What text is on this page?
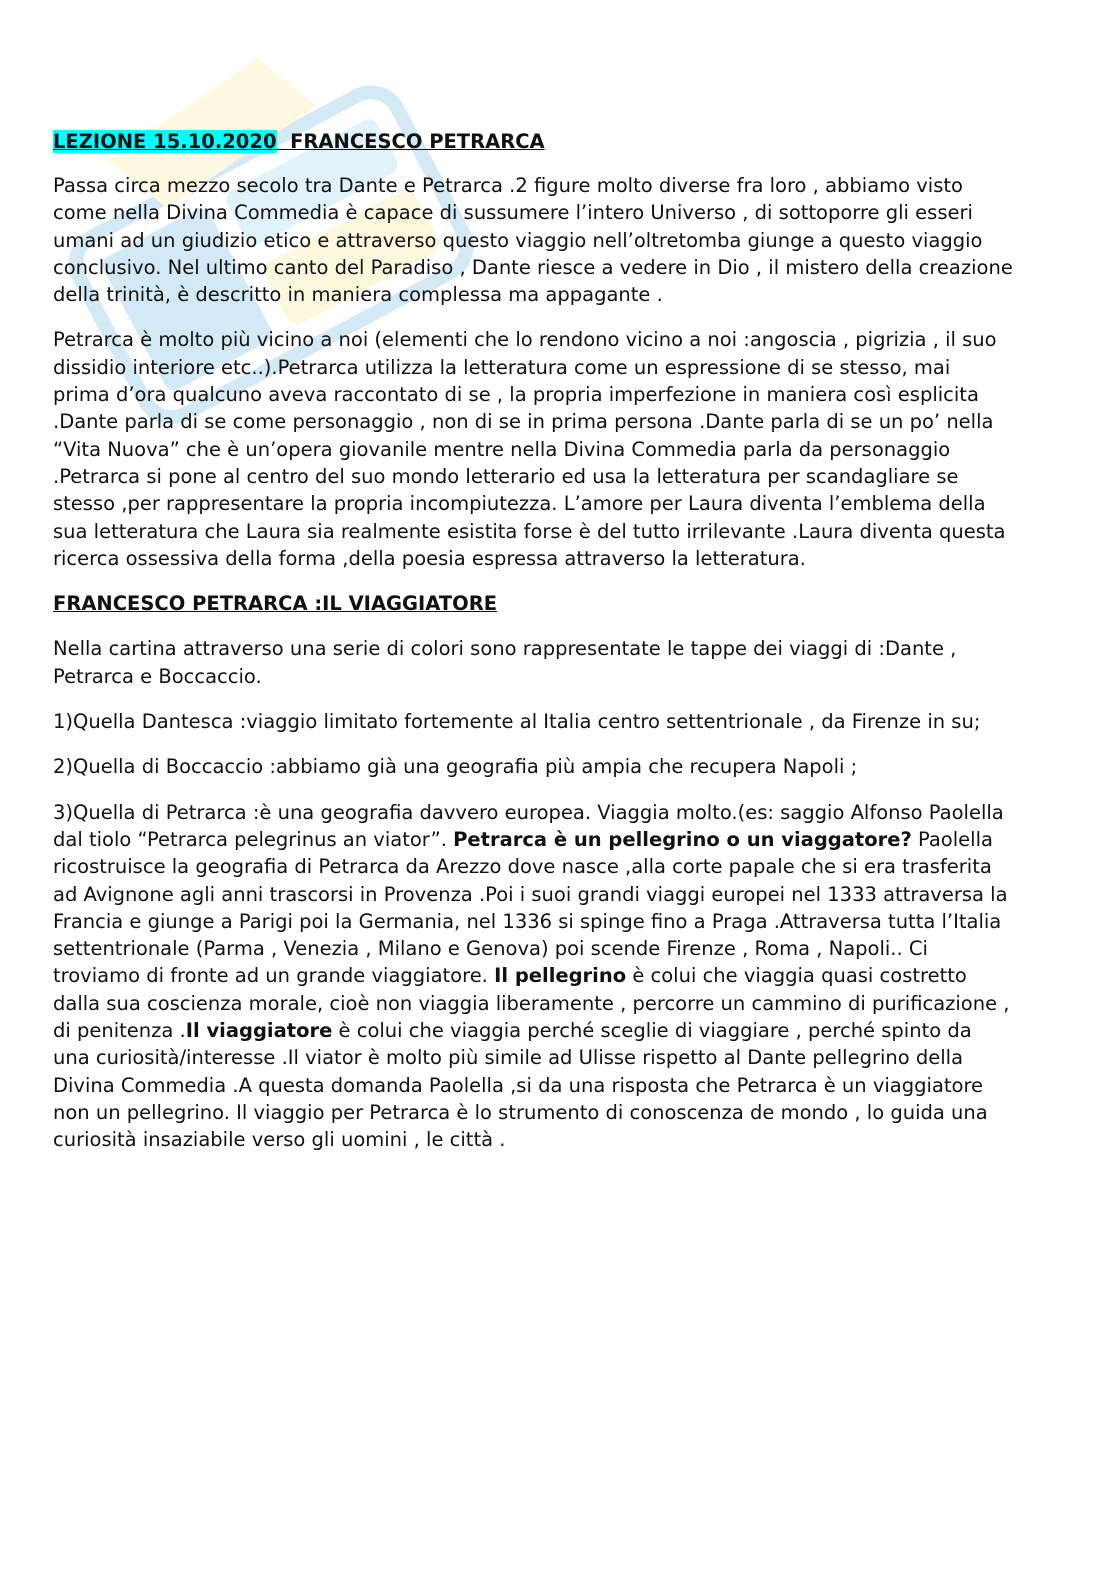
LEZIONE 15.10.2020 FRANCESCO PETRARCA

Passa circa mezzo secolo tra Dante e Petrarca .2 figure molto diverse fra loro , abbiamo visto come nella Divina Commedia è capace di sussumere l’intero Universo , di sottoporre gli esseri umani ad un giudizio etico e attraverso questo viaggio nell’oltretomba giunge a questo viaggio conclusivo. Nel ultimo canto del Paradiso , Dante riesce a vedere in Dio , il mistero della creazione della trinità, è descritto in maniera complessa ma appagante .

Petrarca è molto più vicino a noi (elementi che lo rendono vicino a noi :angoscia , pigrizia , il suo dissidio interiore etc..).Petrarca utilizza la letteratura come un espressione di se stesso, mai prima d’ora qualcuno aveva raccontato di se , la propria imperfezione in maniera così esplicita .Dante parla di se come personaggio , non di se in prima persona .Dante parla di se un po’ nella “Vita Nuova” che è un’opera giovanile mentre nella Divina Commedia parla da personaggio .Petrarca si pone al centro del suo mondo letterario ed usa la letteratura per scandagliare se stesso ,per rappresentare la propria incompiutezza. L’amore per Laura diventa l’emblema della sua letteratura che Laura sia realmente esistita forse è del tutto irrilevante .Laura diventa questa ricerca ossessiva della forma ,della poesia espressa attraverso la letteratura.

FRANCESCO PETRARCA :IL VIAGGIATORE

Nella cartina attraverso una serie di colori sono rappresentate le tappe dei viaggi di :Dante , Petrarca e Boccaccio.

1)Quella Dantesca :viaggio limitato fortemente al Italia centro settentrionale , da Firenze in su;

2)Quella di Boccaccio :abbiamo già una geografia più ampia che recupera Napoli ;

3)Quella di Petrarca :è una geografia davvero europea. Viaggia molto.(es: saggio Alfonso Paolella dal tiolo “Petrarca pelegrinus an viator”. Petrarca è un pellegrino o un viaggatore? Paolella ricostruisce la geografia di Petrarca da Arezzo dove nasce ,alla corte papale che si era trasferita ad Avignone agli anni trascorsi in Provenza .Poi i suoi grandi viaggi europei nel 1333 attraversa la Francia e giunge a Parigi poi la Germania, nel 1336 si spinge fino a Praga .Attraversa tutta l’Italia settentrionale (Parma , Venezia , Milano e Genova) poi scende Firenze , Roma , Napoli.. Ci troviamo di fronte ad un grande viaggiatore. Il pellegrino è colui che viaggia quasi costretto dalla sua coscienza morale, cioè non viaggia liberamente , percorre un cammino di purificazione , di penitenza .Il viaggiatore è colui che viaggia perché sceglie di viaggiare , perché spinto da una curiosità/interesse .Il viator è molto più simile ad Ulisse rispetto al Dante pellegrino della Divina Commedia .A questa domanda Paolella ,si da una risposta che Petrarca è un viaggiatore non un pellegrino. Il viaggio per Petrarca è lo strumento di conoscenza de mondo , lo guida una curiosità insaziabile verso gli uomini , le città .
